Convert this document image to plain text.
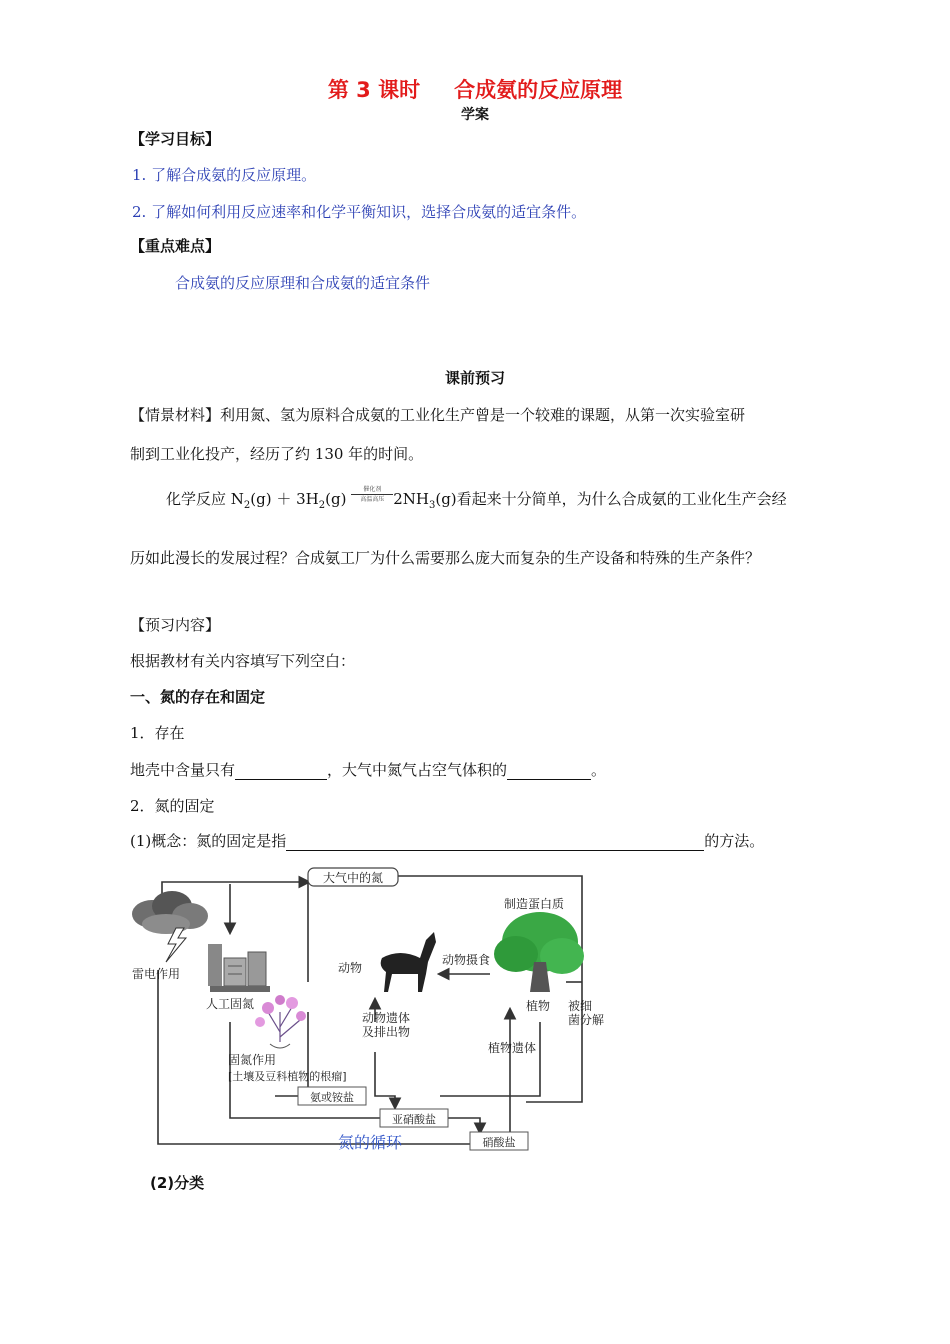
第 3 课时 合成氨的反应原理
学案
【学习目标】
1. 了解合成氨的反应原理。
2. 了解如何利用反应速率和化学平衡知识，选择合成氨的适宜条件。
【重点难点】
合成氨的反应原理和合成氨的适宜条件
课前预习
【情景材料】利用氮、氢为原料合成氨的工业化生产曾是一个较难的课题，从第一次实验室研
制到工业化投产，经历了约 130 年的时间。
化学反应 $N_2(g) + 3H_2(g)$
催化剂
高温高压 $2NH_3(g)$看起来十分简单，为什么合成氨的工业化生产会经
历如此漫长的发展过程？合成氨工厂为什么需要那么庞大而复杂的生产设备和特殊的生产条件？
【预习内容】
根据教材有关内容填写下列空白：
一、氮的存在和固定
1．存在
地壳中含量只有	，大气中氮气占空气体积的	。
2．氮的固定
(1)概念：氮的固定是指	的方法。
大气中的氮
雷电作用
人工固氮
固氮作用
[土壤及豆科植物的根瘤]
动物
动物遗体
及排出物
动物摄食
制造蛋白质
植物 被细
菌分解
植物遗体
氨或铵盐
亚硝酸盐
硝酸盐
氮的循环
(2)分类
